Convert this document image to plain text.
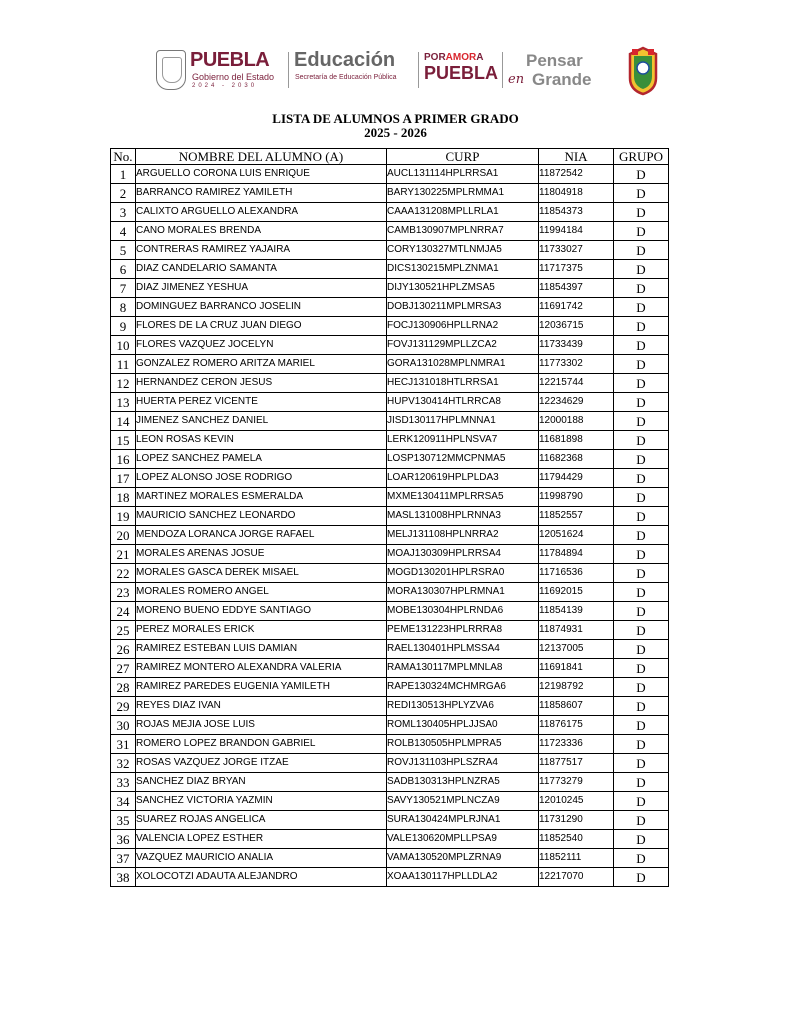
PUEBLA
Gobierno del Estado
2024 - 2030
Educación
Secretaría de Educación Pública
PORAMORA
PUEBLA
Pensar
en Grande
LISTA DE ALUMNOS A PRIMER GRADO
2025 - 2026
No.	NOMBRE DEL ALUMNO (A)	CURP	NIA	GRUPO
1	ARGUELLO CORONA LUIS ENRIQUE	AUCL131114HPLRRSA1	11872542	D
2	BARRANCO RAMIREZ YAMILETH	BARY130225MPLRMMA1	11804918	D
3	CALIXTO ARGUELLO ALEXANDRA	CAAA131208MPLLRLA1	11854373	D
4	CANO MORALES BRENDA	CAMB130907MPLNRRA7	11994184	D
5	CONTRERAS RAMIREZ YAJAIRA	CORY130327MTLNMJA5	11733027	D
6	DIAZ CANDELARIO SAMANTA	DICS130215MPLZNMA1	11717375	D
7	DIAZ JIMENEZ YESHUA	DIJY130521HPLZMSA5	11854397	D
8	DOMINGUEZ BARRANCO JOSELIN	DOBJ130211MPLMRSA3	11691742	D
9	FLORES DE LA CRUZ JUAN DIEGO	FOCJ130906HPLLRNA2	12036715	D
10	FLORES VAZQUEZ JOCELYN	FOVJ131129MPLLZCA2	11733439	D
11	GONZALEZ ROMERO ARITZA MARIEL	GORA131028MPLNMRA1	11773302	D
12	HERNANDEZ CERON JESUS	HECJ131018HTLRRSA1	12215744	D
13	HUERTA PEREZ VICENTE	HUPV130414HTLRRCA8	12234629	D
14	JIMENEZ SANCHEZ DANIEL	JISD130117HPLMNNA1	12000188	D
15	LEON ROSAS KEVIN	LERK120911HPLNSVA7	11681898	D
16	LOPEZ SANCHEZ PAMELA	LOSP130712MMCPNMA5	11682368	D
17	LOPEZ ALONSO JOSE RODRIGO	LOAR120619HPLPLDA3	11794429	D
18	MARTINEZ MORALES ESMERALDA	MXME130411MPLRRSA5	11998790	D
19	MAURICIO SANCHEZ LEONARDO	MASL131008HPLRNNA3	11852557	D
20	MENDOZA LORANCA JORGE RAFAEL	MELJ131108HPLNRRA2	12051624	D
21	MORALES ARENAS JOSUE	MOAJ130309HPLRRSA4	11784894	D
22	MORALES GASCA DEREK MISAEL	MOGD130201HPLRSRA0	11716536	D
23	MORALES ROMERO ANGEL	MORA130307HPLRMNA1	11692015	D
24	MORENO BUENO EDDYE SANTIAGO	MOBE130304HPLRNDA6	11854139	D
25	PEREZ MORALES ERICK	PEME131223HPLRRRA8	11874931	D
26	RAMIREZ ESTEBAN LUIS DAMIAN	RAEL130401HPLMSSA4	12137005	D
27	RAMIREZ MONTERO ALEXANDRA VALERIA	RAMA130117MPLMNLA8	11691841	D
28	RAMIREZ PAREDES EUGENIA YAMILETH	RAPE130324MCHMRGA6	12198792	D
29	REYES DIAZ IVAN	REDI130513HPLYZVA6	11858607	D
30	ROJAS MEJIA JOSE LUIS	ROML130405HPLJJSA0	11876175	D
31	ROMERO LOPEZ BRANDON GABRIEL	ROLB130505HPLMPRA5	11723336	D
32	ROSAS VAZQUEZ JORGE ITZAE	ROVJ131103HPLSZRA4	11877517	D
33	SANCHEZ DIAZ BRYAN	SADB130313HPLNZRA5	11773279	D
34	SANCHEZ VICTORIA YAZMIN	SAVY130521MPLNCZA9	12010245	D
35	SUAREZ ROJAS ANGELICA	SURA130424MPLRJNA1	11731290	D
36	VALENCIA LOPEZ ESTHER	VALE130620MPLLPSA9	11852540	D
37	VAZQUEZ MAURICIO ANALIA	VAMA130520MPLZRNA9	11852111	D
38	XOLOCOTZI ADAUTA ALEJANDRO	XOAA130117HPLLDLA2	12217070	D
